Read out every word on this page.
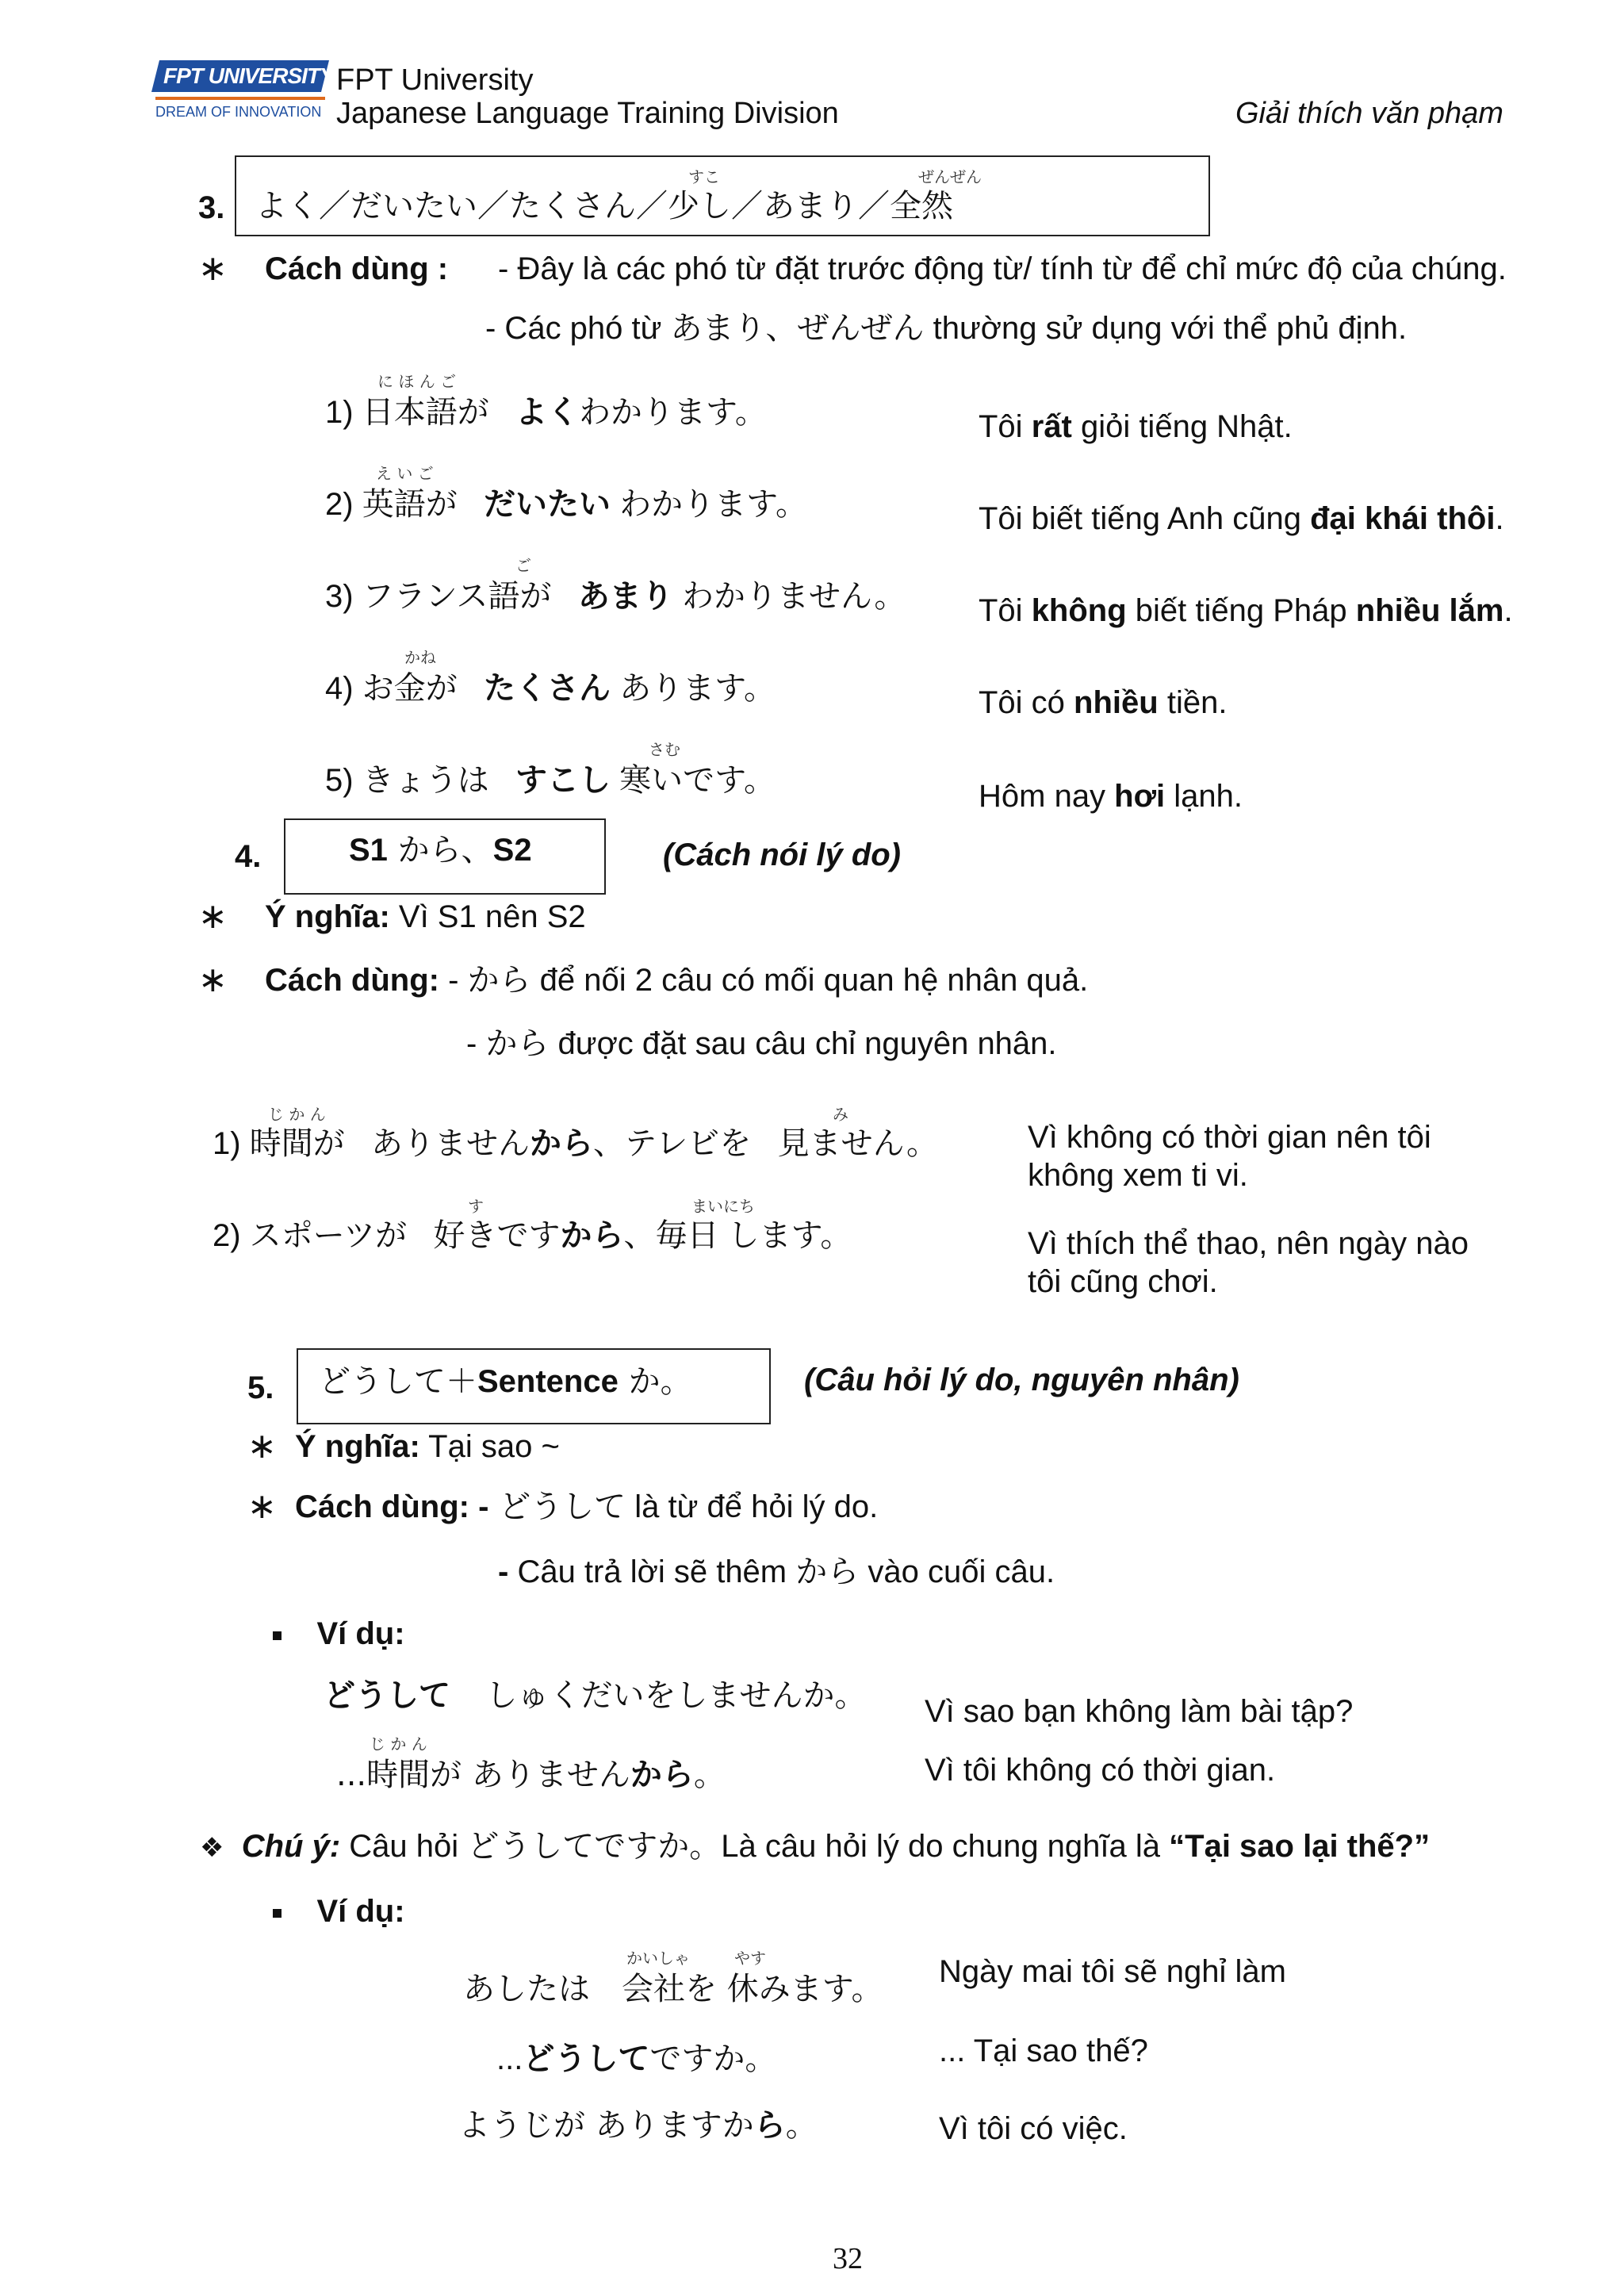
FPT UNIVERSITY
DREAM OF INNOVATION
FPT University
Japanese Language Training Division	Giải thích văn phạm
3.
すこ	ぜんぜん
よく／だいたい／たくさん／少し／あまり／全然
∗ Cách dùng : - Đây là các phó từ đặt trước động từ/ tính từ để chỉ mức độ của chúng.
- Các phó từ あまり、ぜんぜん thường sử dụng với thể phủ định.
に ほ ん ご
1) 日本語が よくわかります。	Tôi rất giỏi tiếng Nhật.
え い ご
2) 英語が だいたい わかります。	Tôi biết tiếng Anh cũng đại khái thôi.
ご
3) フランス語が あまり わかりません。 Tôi không biết tiếng Pháp nhiều lắm.
かね
4) お金が たくさん あります。	Tôi có nhiều tiền.
さむ
5) きょうは すこし 寒いです。	Hôm nay hơi lạnh.
4.	S1 から、S2	(Cách nói lý do)
∗ Ý nghĩa: Vì S1 nên S2
∗ Cách dùng: - から để nối 2 câu có mối quan hệ nhân quả.
- から được đặt sau câu chỉ nguyên nhân.
じ か ん	み
1) 時間が ありませんから、テレビを 見ません。	Vì không có thời gian nên tôi
không xem ti vi.
す	まいにち
2) スポーツが 好きですから、毎日 します。	Vì thích thể thao, nên ngày nào
tôi cũng chơi.
5. どうして＋Sentence か。	(Câu hỏi lý do, nguyên nhân)
∗ Ý nghĩa: Tại sao ~
∗ Cách dùng: - どうして là từ để hỏi lý do.
- Câu trả lời sẽ thêm から vào cuối câu.
Ví dụ:
どうして しゅくだいをしませんか。 Vì sao bạn không làm bài tập?
じ か ん
...時間が ありませんから。	Vì tôi không có thời gian.
❖ Chú ý: Câu hỏi どうしてですか。Là câu hỏi lý do chung nghĩa là “Tại sao lại thế?”
Ví dụ:
かいしゃ	やす
あしたは　会社を 休みます。 Ngày mai tôi sẽ nghỉ làm
...どうしてですか。	... Tại sao thế?
ようじが ありますから。	Vì tôi có việc.
32
